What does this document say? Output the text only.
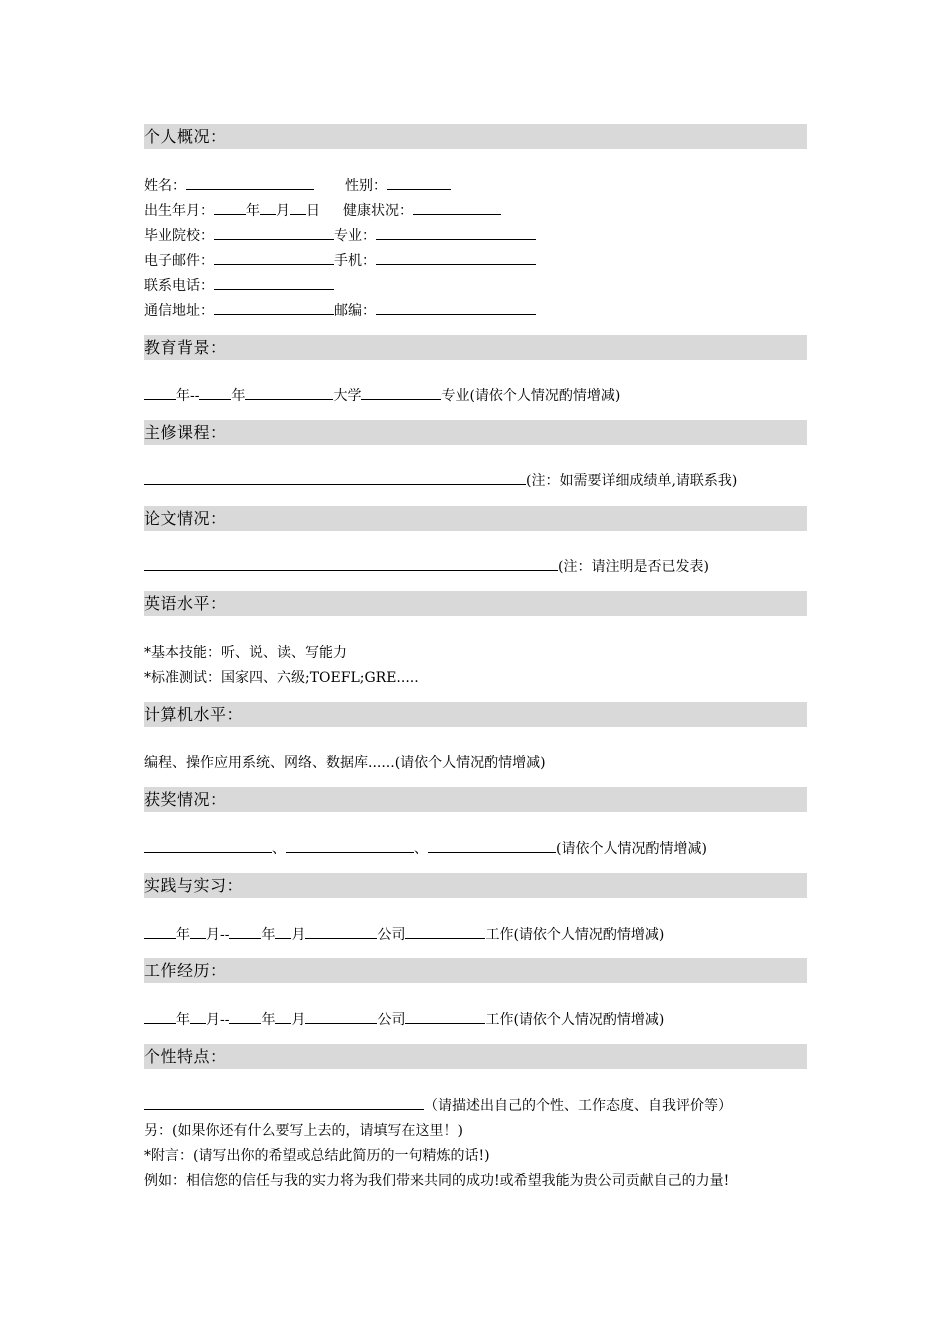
个人概况：
姓名：	性别：
出生年月： 年 月 日 健康状况：
毕业院校：	专业：
电子邮件：	手机：
联系电话：
通信地址：	邮编：
教育背景：
年-- 年	大学	专业(请依个人情况酌情增减)
主修课程：
(注：如需要详细成绩单,请联系我)
论文情况：
(注：请注明是否已发表)
英语水平：
*基本技能：听、说、读、写能力
*标准测试：国家四、六级;TOEFL;GRE.....
计算机水平：
编程、操作应用系统、网络、数据库......(请依个人情况酌情增减)
获奖情况：
、	、	(请依个人情况酌情增减)
实践与实习：
年 月-- 年 月	公司	工作(请依个人情况酌情增减)
工作经历：
年 月-- 年 月	公司	工作(请依个人情况酌情增减)
个性特点：
（请描述出自己的个性、工作态度、自我评价等）
另：(如果你还有什么要写上去的，请填写在这里！)
*附言：(请写出你的希望或总结此简历的一句精炼的话!)
例如：相信您的信任与我的实力将为我们带来共同的成功!或希望我能为贵公司贡献自己的力量!
